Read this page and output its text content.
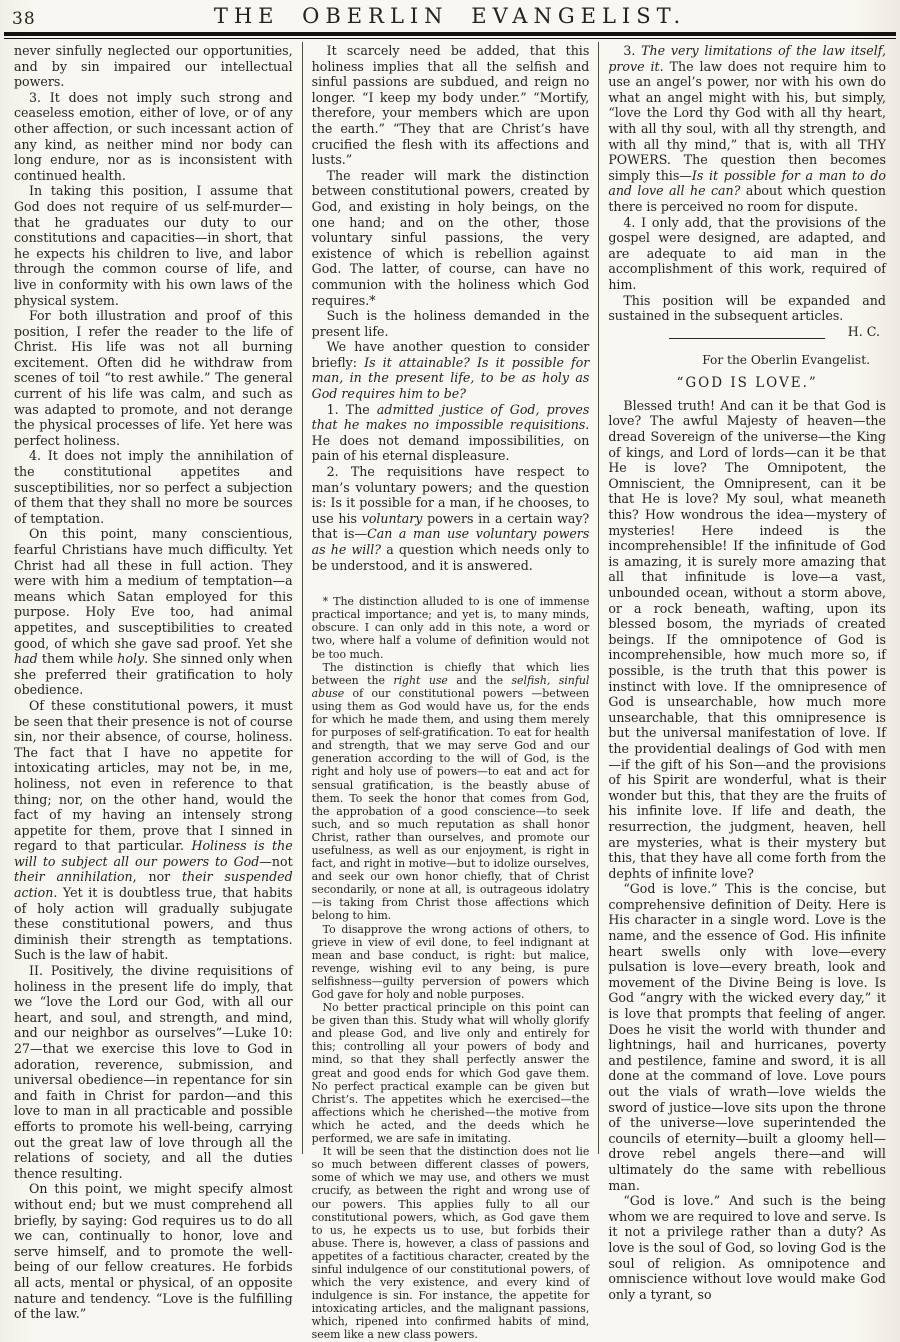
38	THE OBERLIN EVANGELIST.

never sinfully neglected our opportunities, and by sin impaired our intellectual powers.

3. It does not imply such strong and ceaseless emotion, either of love, or of any other affection, or such incessant action of any kind, as neither mind nor body can long endure, nor as is inconsistent with continued health.

In taking this position, I assume that God does not require of us self-murder—that he graduates our duty to our constitutions and capacities—in short, that he expects his children to live, and labor through the common course of life, and live in conformity with his own laws of the physical system.

For both illustration and proof of this position, I refer the reader to the life of Christ. His life was not all burning excitement. Often did he withdraw from scenes of toil “to rest awhile.” The general current of his life was calm, and such as was adapted to promote, and not derange the physical processes of life. Yet here was perfect holiness.

4. It does not imply the annihilation of the constitutional appetites and susceptibilities, nor so perfect a subjection of them that they shall no more be sources of temptation.

On this point, many conscientious, fearful Christians have much difficulty. Yet Christ had all these in full action. They were with him a medium of temptation—a means which Satan employed for this purpose. Holy Eve too, had animal appetites, and susceptibilities to created good, of which she gave sad proof. Yet she had them while holy. She sinned only when she preferred their gratification to holy obedience.

Of these constitutional powers, it must be seen that their presence is not of course sin, nor their absence, of course, holiness. The fact that I have no appetite for intoxicating articles, may not be, in me, holiness, not even in reference to that thing; nor, on the other hand, would the fact of my having an intensely strong appetite for them, prove that I sinned in regard to that particular. Holiness is the will to subject all our powers to God—not their annihilation, nor their suspended action. Yet it is doubtless true, that habits of holy action will gradually subjugate these constitutional powers, and thus diminish their strength as temptations. Such is the law of habit.

II. Positively, the divine requisitions of holiness in the present life do imply, that we “love the Lord our God, with all our heart, and soul, and strength, and mind, and our neighbor as ourselves”—Luke 10: 27—that we exercise this love to God in adoration, reverence, submission, and universal obedience—in repentance for sin and faith in Christ for pardon—and this love to man in all practicable and possible efforts to promote his well-being, carrying out the great law of love through all the relations of society, and all the duties thence resulting.

On this point, we might specify almost without end; but we must comprehend all briefly, by saying: God requires us to do all we can, continually to honor, love and serve himself, and to promote the well-being of our fellow creatures. He forbids all acts, mental or physical, of an opposite nature and tendency. “Love is the fulfilling of the law.”

It scarcely need be added, that this holiness implies that all the selfish and sinful passions are subdued, and reign no longer. “I keep my body under.” “Mortify, therefore, your members which are upon the earth.” “They that are Christ’s have crucified the flesh with its affections and lusts.”

The reader will mark the distinction between constitutional powers, created by God, and existing in holy beings, on the one hand; and on the other, those voluntary sinful passions, the very existence of which is rebellion against God. The latter, of course, can have no communion with the holiness which God requires.*

Such is the holiness demanded in the present life.

We have another question to consider briefly: Is it attainable? Is it possible for man, in the present life, to be as holy as God requires him to be?

1. The admitted justice of God, proves that he makes no impossible requisitions. He does not demand impossibilities, on pain of his eternal displeasure.

2. The requisitions have respect to man’s voluntary powers; and the question is: Is it possible for a man, if he chooses, to use his voluntary powers in a certain way? that is—Can a man use voluntary powers as he will? a question which needs only to be understood, and it is answered.

* The distinction alluded to is one of immense practical importance; and yet is, to many minds, obscure. I can only add in this note, a word or two, where half a volume of definition would not be too much.

The distinction is chiefly that which lies between the right use and the selfish, sinful abuse of our constitutional powers —between using them as God would have us, for the ends for which he made them, and using them merely for purposes of self-gratification. To eat for health and strength, that we may serve God and our generation according to the will of God, is the right and holy use of powers—to eat and act for sensual gratification, is the beastly abuse of them. To seek the honor that comes from God, the approbation of a good conscience—to seek such, and so much reputation as shall honor Christ, rather than ourselves, and promote our usefulness, as well as our enjoyment, is right in fact, and right in motive—but to idolize ourselves, and seek our own honor chiefly, that of Christ secondarily, or none at all, is outrageous idolatry—is taking from Christ those affections which belong to him.

To disapprove the wrong actions of others, to grieve in view of evil done, to feel indignant at mean and base conduct, is right: but malice, revenge, wishing evil to any being, is pure selfishness—guilty perversion of powers which God gave for holy and noble purposes.

No better practical principle on this point can be given than this. Study what will wholly glorify and please God, and live only and entirely for this; controlling all your powers of body and mind, so that they shall perfectly answer the great and good ends for which God gave them. No perfect practical example can be given but Christ’s. The appetites which he exercised—the affections which he cherished—the motive from which he acted, and the deeds which he performed, we are safe in imitating.

It will be seen that the distinction does not lie so much between different classes of powers, some of which we may use, and others we must crucify, as between the right and wrong use of our powers. This applies fully to all our constitutional powers, which, as God gave them to us, he expects us to use, but forbids their abuse. There is, however, a class of passions and appetites of a factitious character, created by the sinful indulgence of our constitutional powers, of which the very existence, and every kind of indulgence is sin. For instance, the appetite for intoxicating articles, and the malignant passions, which, ripened into confirmed habits of mind, seem like a new class powers.

3. The very limitations of the law itself, prove it. The law does not require him to use an angel’s power, nor with his own do what an angel might with his, but simply, “love the Lord thy God with all thy heart, with all thy soul, with all thy strength, and with all thy mind,” that is, with all THY POWERS. The question then becomes simply this—Is it possible for a man to do and love all he can? about which question there is perceived no room for dispute.

4. I only add, that the provisions of the gospel were designed, are adapted, and are adequate to aid man in the accomplishment of this work, required of him.

This position will be expanded and sustained in the subsequent articles.
H. C.

For the Oberlin Evangelist.

“GOD IS LOVE.”

Blessed truth! And can it be that God is love? The awful Majesty of heaven—the dread Sovereign of the universe—the King of kings, and Lord of lords—can it be that He is love? The Omnipotent, the Omniscient, the Omnipresent, can it be that He is love? My soul, what meaneth this? How wondrous the idea—mystery of mysteries! Here indeed is the incomprehensible! If the infinitude of God is amazing, it is surely more amazing that all that infinitude is love—a vast, unbounded ocean, without a storm above, or a rock beneath, wafting, upon its blessed bosom, the myriads of created beings. If the omnipotence of God is incomprehensible, how much more so, if possible, is the truth that this power is instinct with love. If the omnipresence of God is unsearchable, how much more unsearchable, that this omnipresence is but the universal manifestation of love. If the providential dealings of God with men—if the gift of his Son—and the provisions of his Spirit are wonderful, what is their wonder but this, that they are the fruits of his infinite love. If life and death, the resurrection, the judgment, heaven, hell are mysteries, what is their mystery but this, that they have all come forth from the dephts of infinite love?

“God is love.” This is the concise, but comprehensive definition of Deity. Here is His character in a single word. Love is the name, and the essence of God. His infinite heart swells only with love—every pulsation is love—every breath, look and movement of the Divine Being is love. Is God “angry with the wicked every day,” it is love that prompts that feeling of anger. Does he visit the world with thunder and lightnings, hail and hurricanes, poverty and pestilence, famine and sword, it is all done at the command of love. Love pours out the vials of wrath—love wields the sword of justice—love sits upon the throne of the universe—love superintended the councils of eternity—built a gloomy hell—drove rebel angels there—and will ultimately do the same with rebellious man.

“God is love.” And such is the being whom we are required to love and serve. Is it not a privilege rather than a duty? As love is the soul of God, so loving God is the soul of religion. As omnipotence and omniscience without love would make God only a tyrant, so
